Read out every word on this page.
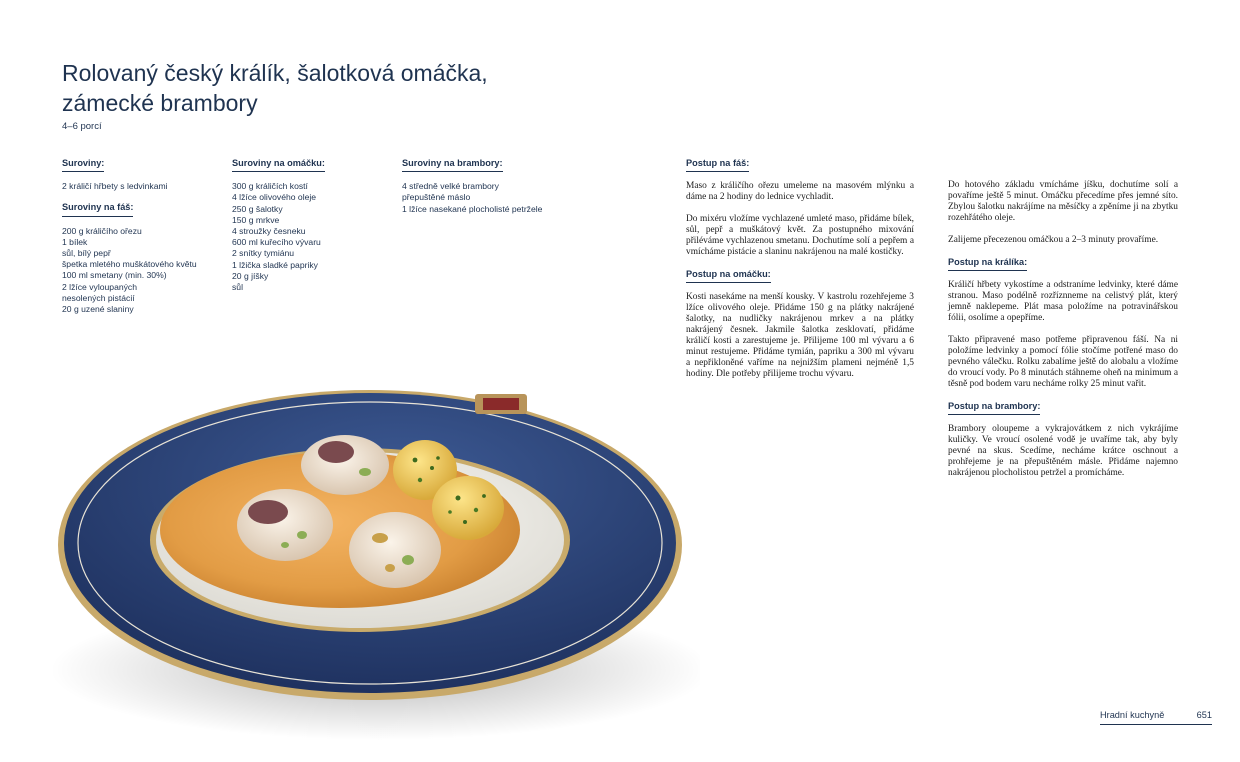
Rolovaný český králík, šalotková omáčka,
zámecké brambory
4–6 porcí
Suroviny:
2 králičí hřbety s ledvinkami
Suroviny na fáš:
200 g králičího ořezu
1 bílek
sůl, bílý pepř
špetka mletého muškátového květu
100 ml smetany (min. 30%)
2 lžíce vyloupaných
nesolených pistácií
20 g uzené slaniny
Suroviny na omáčku:
300 g králičích kostí
4 lžíce olivového oleje
250 g šalotky
150 g mrkve
4 stroužky česneku
600 ml kuřecího vývaru
2 snítky tymiánu
1 lžička sladké papriky
20 g jíšky
sůl
Suroviny na brambory:
4 středně velké brambory
přepuštěné máslo
1 lžíce nasekané plocholisté petržele
Postup na fáš:

Maso z králičího ořezu umeleme na masovém mlýnku a dáme na 2 hodiny do lednice vychladit.

Do mixéru vložíme vychlazené umleté maso, přidáme bílek, sůl, pepř a muškátový květ. Za postupného mixování přiléváme vychlazenou smetanu. Dochutíme solí a pepřem a vmícháme pistácie a slaninu nakrájenou na malé kostičky.

Postup na omáčku:

Kosti nasekáme na menší kousky. V kastrolu rozehřejeme 3 lžíce olivového oleje. Přidáme 150 g na plátky nakrájené šalotky, na nudličky nakrájenou mrkev a na plátky nakrájený česnek. Jakmile šalotka zesklovatí, přidáme králičí kosti a zarestujeme je. Přilijeme 100 ml vývaru a 6 minut restujeme. Přidáme tymián, papriku a 300 ml vývaru a nepřikloněné vaříme na nejnižším plameni nejméně 1,5 hodiny. Dle potřeby přilijeme trochu vývaru.

Do hotového základu vmícháme jíšku, dochutíme solí a povaříme ještě 5 minut. Omáčku přecedíme přes jemné síto. Zbylou šalotku nakrájíme na měsíčky a zpěníme ji na zbytku rozehřátého oleje.

Zalijeme přecezenou omáčkou a 2–3 minuty provaříme.

Postup na králíka:

Králičí hřbety vykostíme a odstraníme ledvinky, které dáme stranou. Maso podélně rozříznneme na celistvý plát, který jemně naklepeme. Plát masa položíme na potravinářskou fólii, osolíme a opepříme.

Takto připravené maso potřeme připravenou fáší. Na ni položíme ledvinky a pomocí fólie stočíme potřené maso do pevného válečku. Rolku zabalíme ještě do alobalu a vložíme do vroucí vody. Po 8 minutách stáhneme oheň na minimum a těsně pod bodem varu necháme rolky 25 minut vařit.

Postup na brambory:

Brambory oloupeme a vykrajovátkem z nich vykrájíme kuličky. Ve vroucí osolené vodě je uvaříme tak, aby byly pevné na skus. Scedíme, necháme krátce oschnout a prohřejeme je na přepuštěném másle. Přidáme najemno nakrájenou plocholistou petržel a promícháme.

Hradní kuchyně	651
